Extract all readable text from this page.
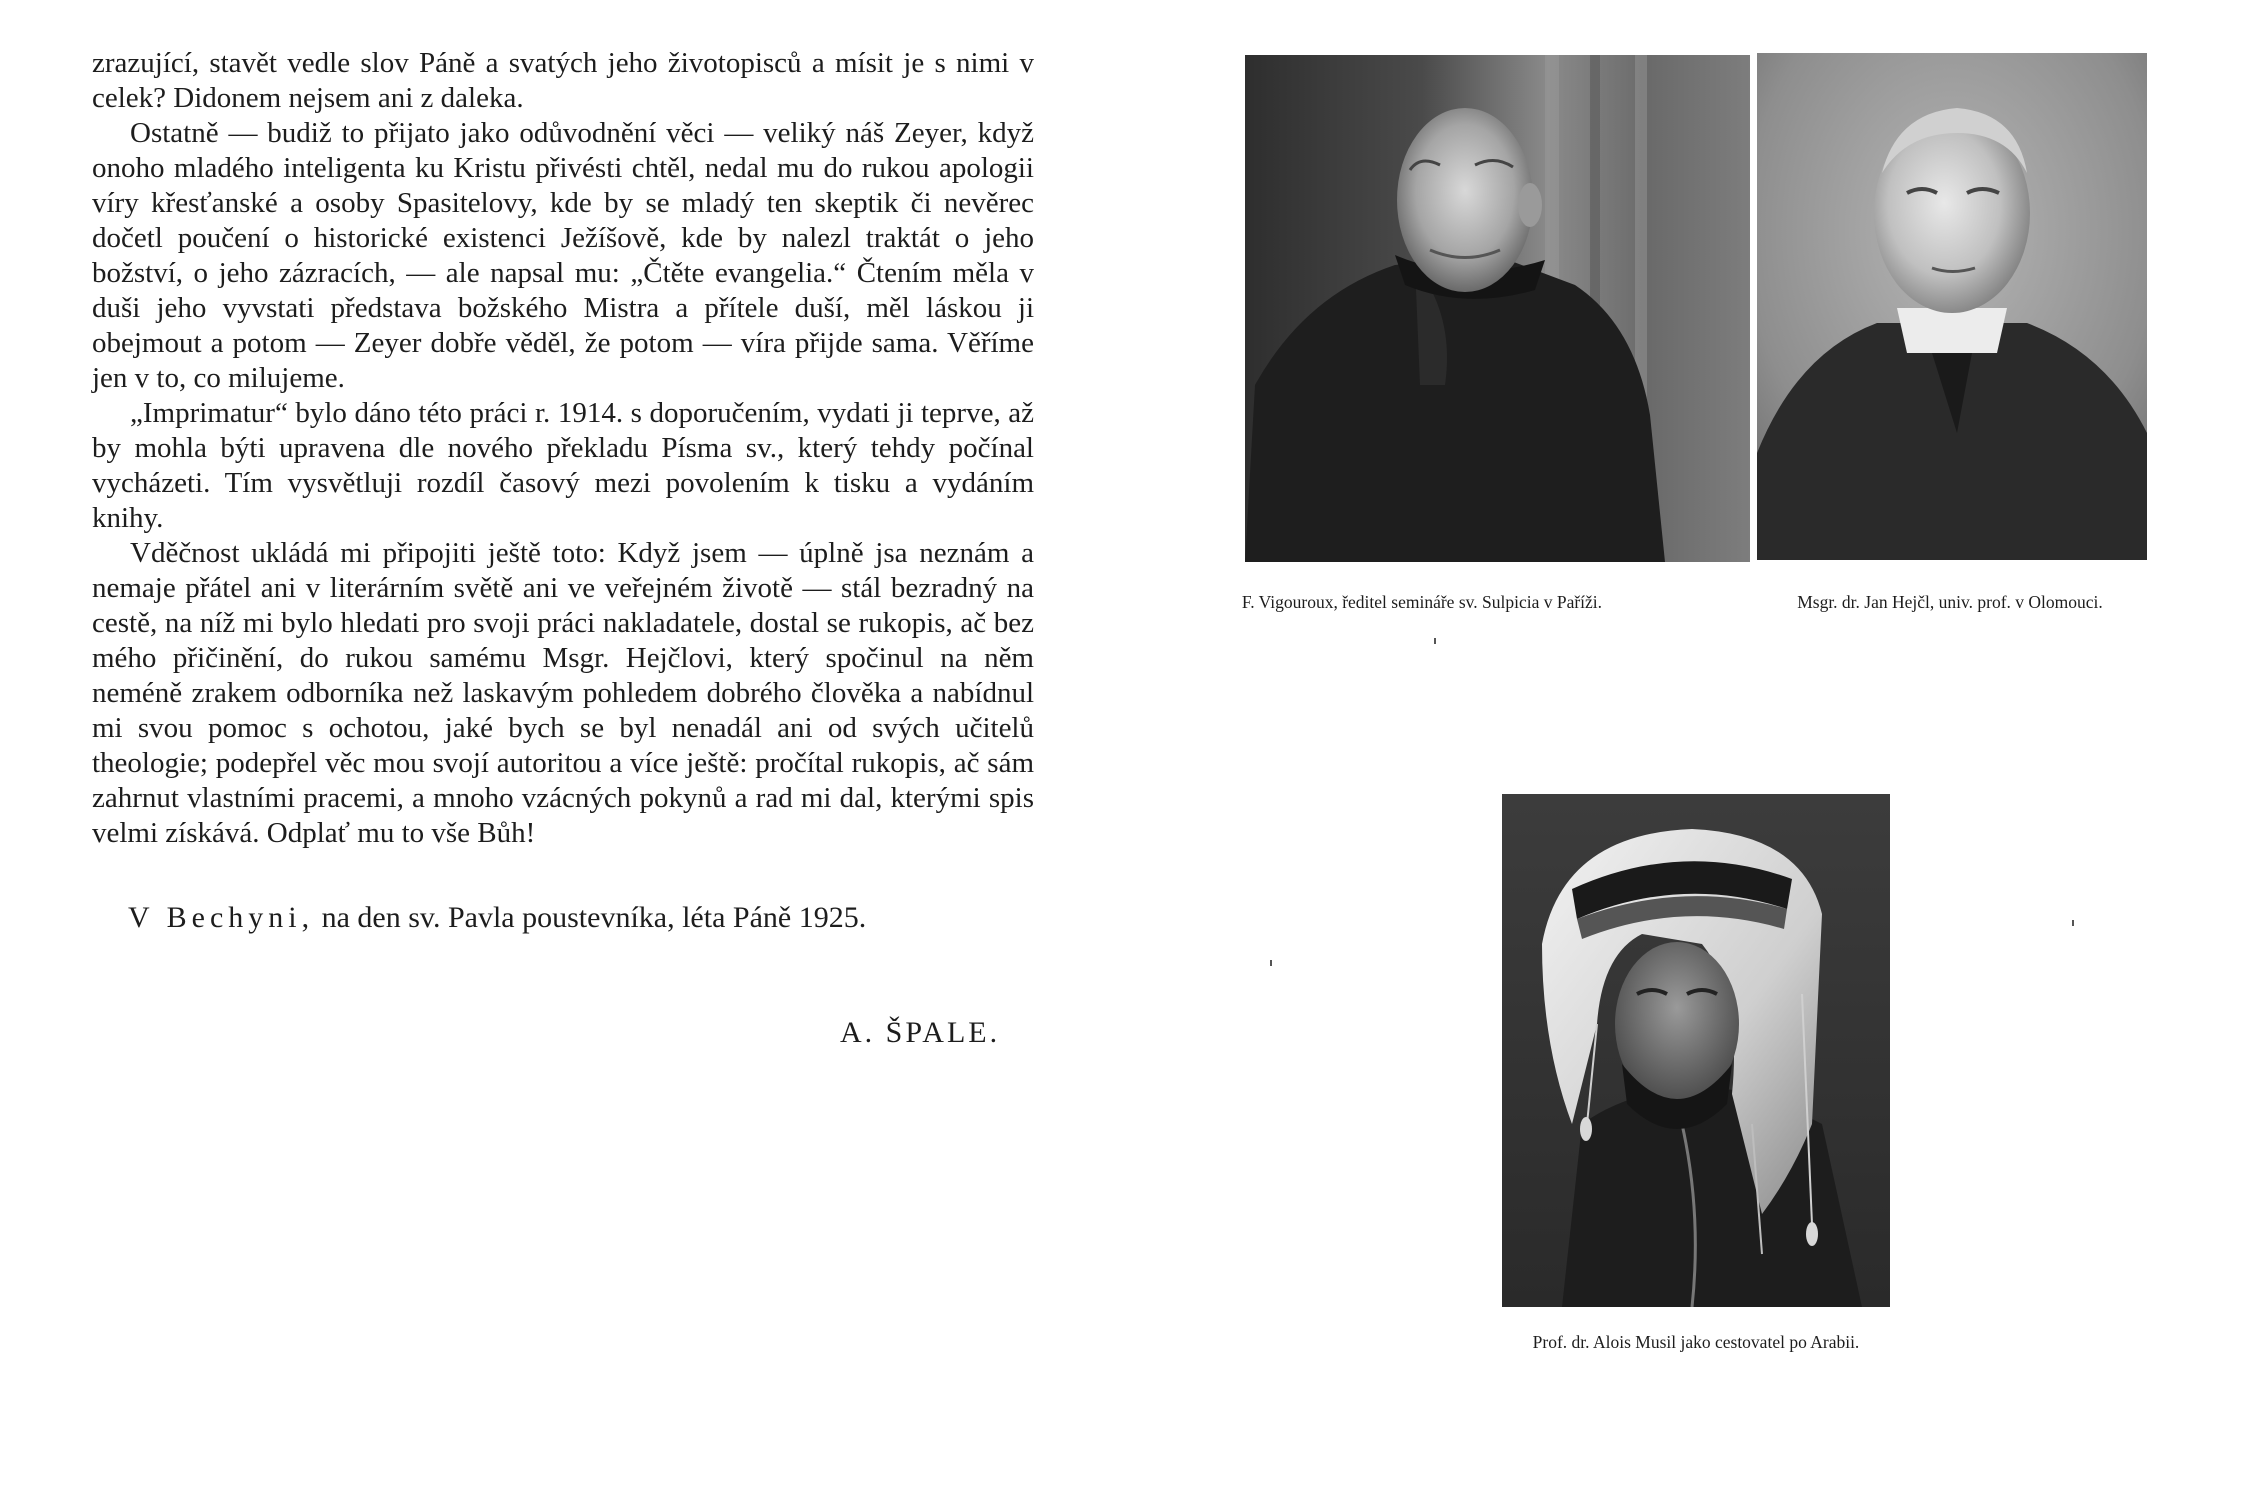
zrazující, stavět vedle slov Páně a svatých jeho životopisců a mísit je s nimi v celek? Didonem nejsem ani z daleka.

Ostatně — budiž to přijato jako odůvodnění věci — veliký náš Zeyer, když onoho mladého inteligenta ku Kristu přivésti chtěl, nedal mu do rukou apologii víry křesťanské a osoby Spasitelovy, kde by se mladý ten skeptik či nevěrec dočetl poučení o historické existenci Ježíšově, kde by nalezl traktát o jeho božství, o jeho zázracích, — ale napsal mu: „Čtěte evangelia.“ Čtením měla v duši jeho vyvstati představa božského Mistra a přítele duší, měl láskou ji obejmout a potom — Zeyer dobře věděl, že potom — víra přijde sama. Věříme jen v to, co milujeme.

„Imprimatur“ bylo dáno této práci r. 1914. s doporučením, vydati ji teprve, až by mohla býti upravena dle nového překladu Písma sv., který tehdy počínal vycházeti. Tím vysvětluji rozdíl časový mezi povolením k tisku a vydáním knihy.

Vděčnost ukládá mi připojiti ještě toto: Když jsem — úplně jsa neznám a nemaje přátel ani v literárním světě ani ve veřejném životě — stál bezradný na cestě, na níž mi bylo hledati pro svoji práci nakladatele, dostal se rukopis, ač bez mého přičinění, do rukou samému Msgr. Hejčlovi, který spočinul na něm neméně zrakem odborníka než laskavým pohledem dobrého člověka a nabídnul mi svou pomoc s ochotou, jaké bych se byl nenadál ani od svých učitelů theologie; podepřel věc mou svojí autoritou a více ještě: pročítal rukopis, ač sám zahrnut vlastními pracemi, a mnoho vzácných pokynů a rad mi dal, kterými spis velmi získává. Odplať mu to vše Bůh!

V Bechyni, na den sv. Pavla poustevníka, léta Páně 1925.
A. ŠPALE.
F. Vigouroux, ředitel semináře sv. Sulpicia v Paříži.	Msgr. dr. Jan Hejčl, univ. prof. v Olomouci.
Prof. dr. Alois Musil jako cestovatel po Arabii.
